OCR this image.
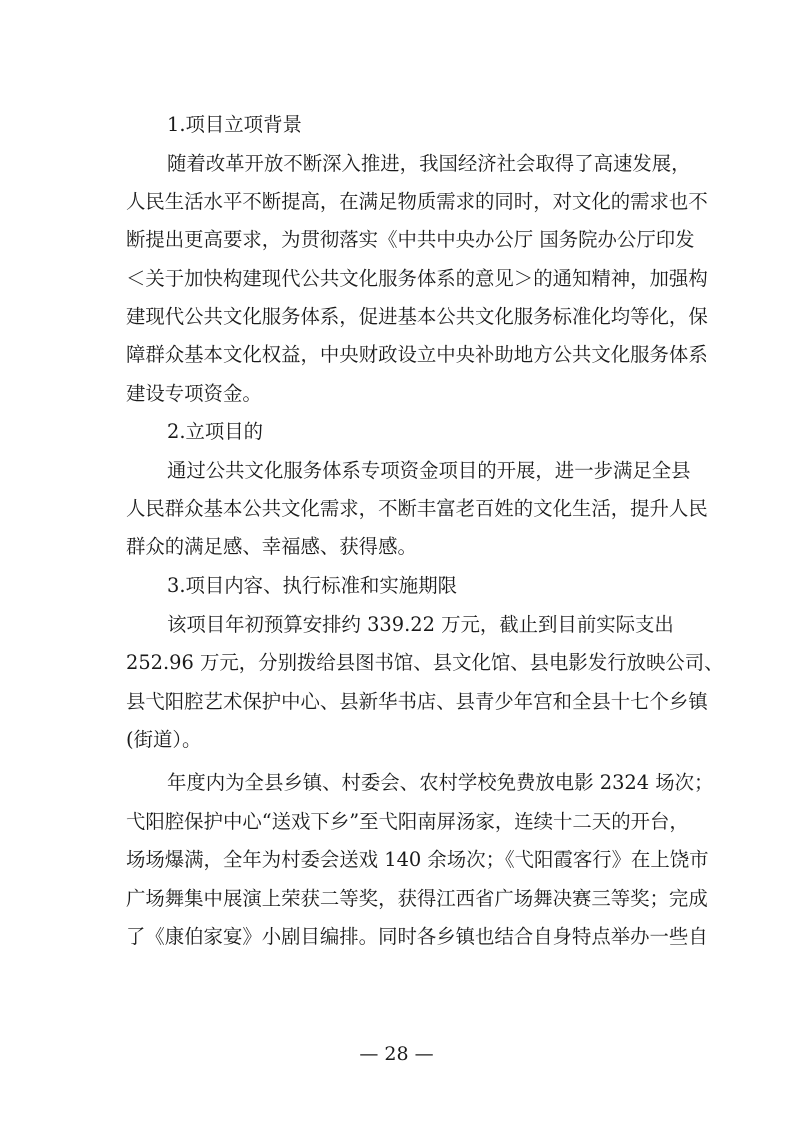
1.项目立项背景
随着改革开放不断深入推进，我国经济社会取得了高速发展，
人民生活水平不断提高，在满足物质需求的同时，对文化的需求也不
断提出更高要求，为贯彻落实《中共中央办公厅 国务院办公厅印发
＜关于加快构建现代公共文化服务体系的意见＞的通知精神，加强构
建现代公共文化服务体系，促进基本公共文化服务标准化均等化，保
障群众基本文化权益，中央财政设立中央补助地方公共文化服务体系
建设专项资金。
2.立项目的
通过公共文化服务体系专项资金项目的开展，进一步满足全县
人民群众基本公共文化需求，不断丰富老百姓的文化生活，提升人民
群众的满足感、幸福感、获得感。
3.项目内容、执行标准和实施期限
该项目年初预算安排约 339.22 万元，截止到目前实际支出
252.96 万元，分别拨给县图书馆、县文化馆、县电影发行放映公司、
县弋阳腔艺术保护中心、县新华书店、县青少年宫和全县十七个乡镇
(街道）。
年度内为全县乡镇、村委会、农村学校免费放电影 2324 场次；
弋阳腔保护中心“送戏下乡”至弋阳南屏汤家，连续十二天的开台，
场场爆满，全年为村委会送戏 140 余场次；《弋阳霞客行》在上饶市
广场舞集中展演上荣获二等奖，获得江西省广场舞决赛三等奖；完成
了《康伯家宴》小剧目编排。同时各乡镇也结合自身特点举办一些自
— 28 —
